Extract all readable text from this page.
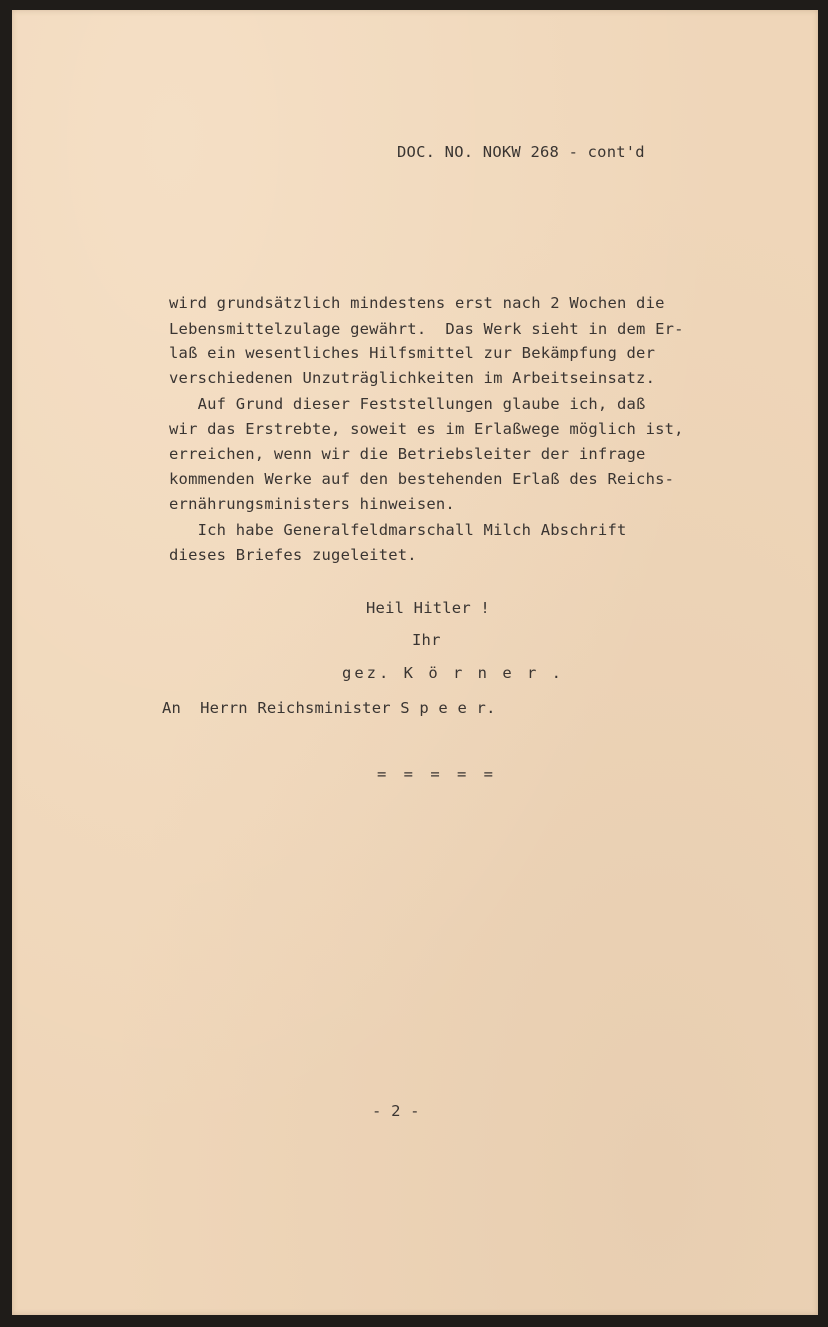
DOC. NO. NOKW 268 - cont'd
wird grundsätzlich mindestens erst nach 2 Wochen die
Lebensmittelzulage gewährt.  Das Werk sieht in dem Er-
laß ein wesentliches Hilfsmittel zur Bekämpfung der
verschiedenen Unzuträglichkeiten im Arbeitseinsatz.
Auf Grund dieser Feststellungen glaube ich, daß
wir das Erstrebte, soweit es im Erlaßwege möglich ist,
erreichen, wenn wir die Betriebsleiter der infrage
kommenden Werke auf den bestehenden Erlaß des Reichs-
ernährungsministers hinweisen.
Ich habe Generalfeldmarschall Milch Abschrift
dieses Briefes zugeleitet.
Heil Hitler !
Ihr
gez. K ö r n e r .
An  Herrn Reichsminister S p e e r.
= = = = =
- 2 -
